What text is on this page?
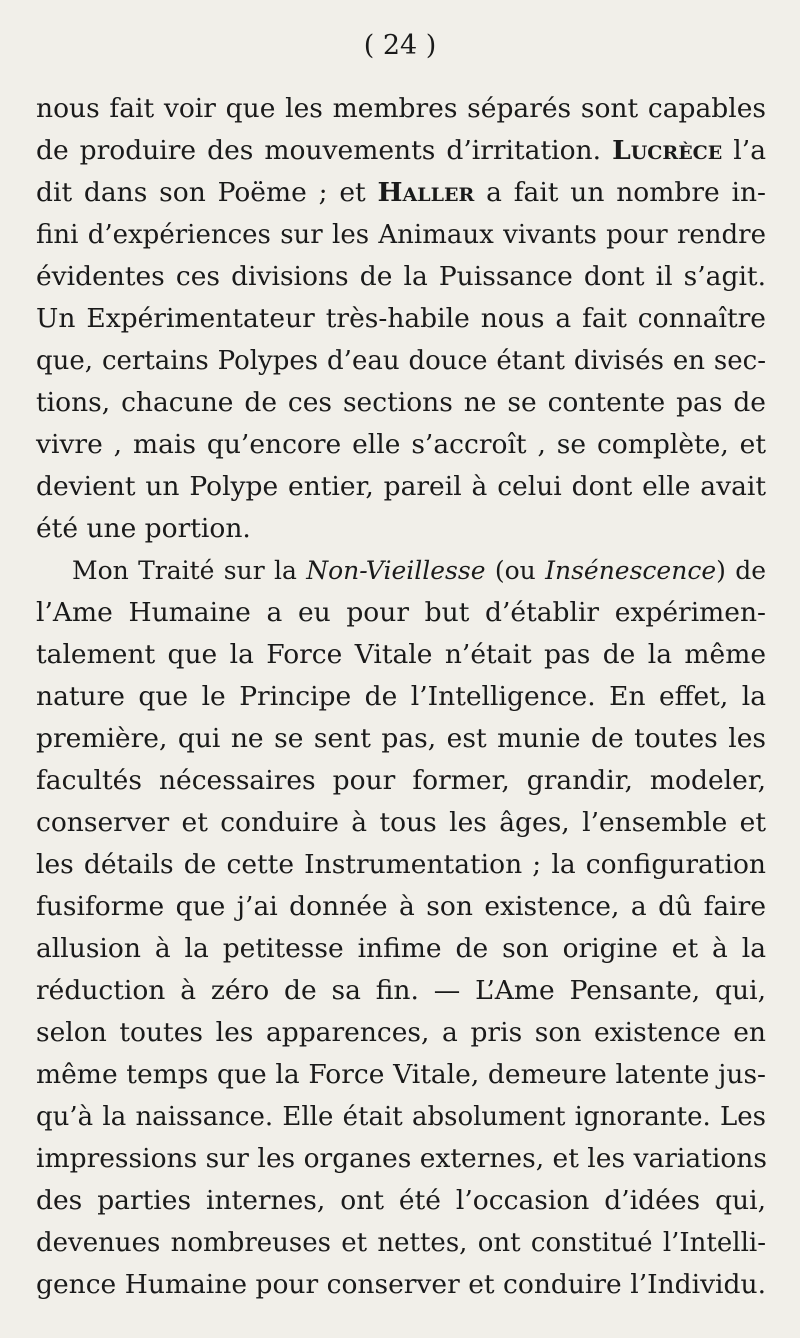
( 24 )
nous fait voir que les membres séparés sont capables
de produire des mouvements d’irritation. Lucrèce l’a
dit dans son Poëme ; et Haller a fait un nombre in-
fini d’expériences sur les Animaux vivants pour rendre
évidentes ces divisions de la Puissance dont il s’agit.
Un Expérimentateur très-habile nous a fait connaître
que, certains Polypes d’eau douce étant divisés en sec-
tions, chacune de ces sections ne se contente pas de
vivre , mais qu’encore elle s’accroît , se complète, et
devient un Polype entier, pareil à celui dont elle avait
été une portion.
Mon Traité sur la Non-Vieillesse (ou Insénescence) de
l’Ame Humaine a eu pour but d’établir expérimen-
talement que la Force Vitale n’était pas de la même
nature que le Principe de l’Intelligence. En effet, la
première, qui ne se sent pas, est munie de toutes les
facultés nécessaires pour former, grandir, modeler,
conserver et conduire à tous les âges, l’ensemble et
les détails de cette Instrumentation ; la configuration
fusiforme que j’ai donnée à son existence, a dû faire
allusion à la petitesse infime de son origine et à la
réduction à zéro de sa fin. — L’Ame Pensante, qui,
selon toutes les apparences, a pris son existence en
même temps que la Force Vitale, demeure latente jus-
qu’à la naissance. Elle était absolument ignorante. Les
impressions sur les organes externes, et les variations
des parties internes, ont été l’occasion d’idées qui,
devenues nombreuses et nettes, ont constitué l’Intelli-
gence Humaine pour conserver et conduire l’Individu.
